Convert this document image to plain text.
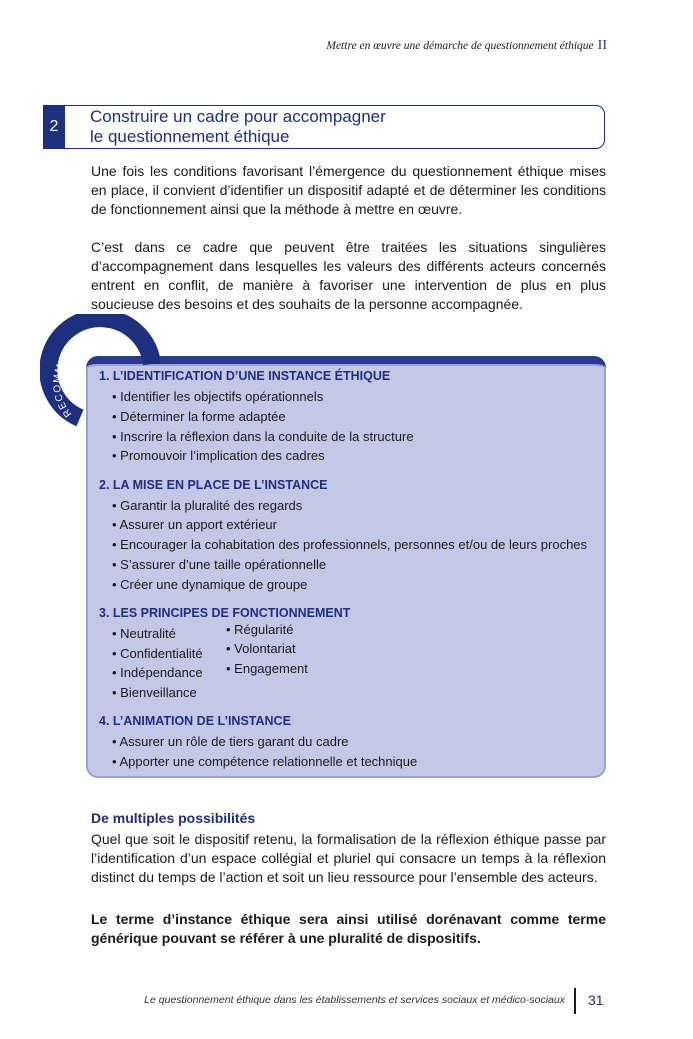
Mettre en œuvre une démarche de questionnement éthique II
2	Construire un cadre pour accompagner
le questionnement éthique

Une fois les conditions favorisant l’émergence du questionnement éthique mises en place, il convient d’identifier un dispositif adapté et de déterminer les conditions de fonctionnement ainsi que la méthode à mettre en œuvre.

C’est dans ce cadre que peuvent être traitées les situations singulières d’accompagnement dans lesquelles les valeurs des différents acteurs concernés entrent en conflit, de manière à favoriser une intervention de plus en plus soucieuse des besoins et des souhaits de la personne accompagnée.

RECOMMANDATIONS
1. L’IDENTIFICATION D’UNE INSTANCE ÉTHIQUE
• Identifier les objectifs opérationnels
• Déterminer la forme adaptée
• Inscrire la réflexion dans la conduite de la structure
• Promouvoir l’implication des cadres
2. LA MISE EN PLACE DE L’INSTANCE
• Garantir la pluralité des regards
• Assurer un apport extérieur
• Encourager la cohabitation des professionnels, personnes et/ou de leurs proches
• S’assurer d’une taille opérationnelle
• Créer une dynamique de groupe
3. LES PRINCIPES DE FONCTIONNEMENT
• Neutralité
• Confidentialité
• Indépendance
• Bienveillance
• Régularité
• Volontariat
• Engagement
4. L’ANIMATION DE L’INSTANCE
• Assurer un rôle de tiers garant du cadre
• Apporter une compétence relationnelle et technique
De multiples possibilités

Quel que soit le dispositif retenu, la formalisation de la réflexion éthique passe par l’identification d’un espace collégial et pluriel qui consacre un temps à la réflexion distinct du temps de l’action et soit un lieu ressource pour l’ensemble des acteurs.

Le terme d’instance éthique sera ainsi utilisé dorénavant comme terme générique pouvant se référer à une pluralité de dispositifs.

Le questionnement éthique dans les établissements et services sociaux et médico-sociaux 31
